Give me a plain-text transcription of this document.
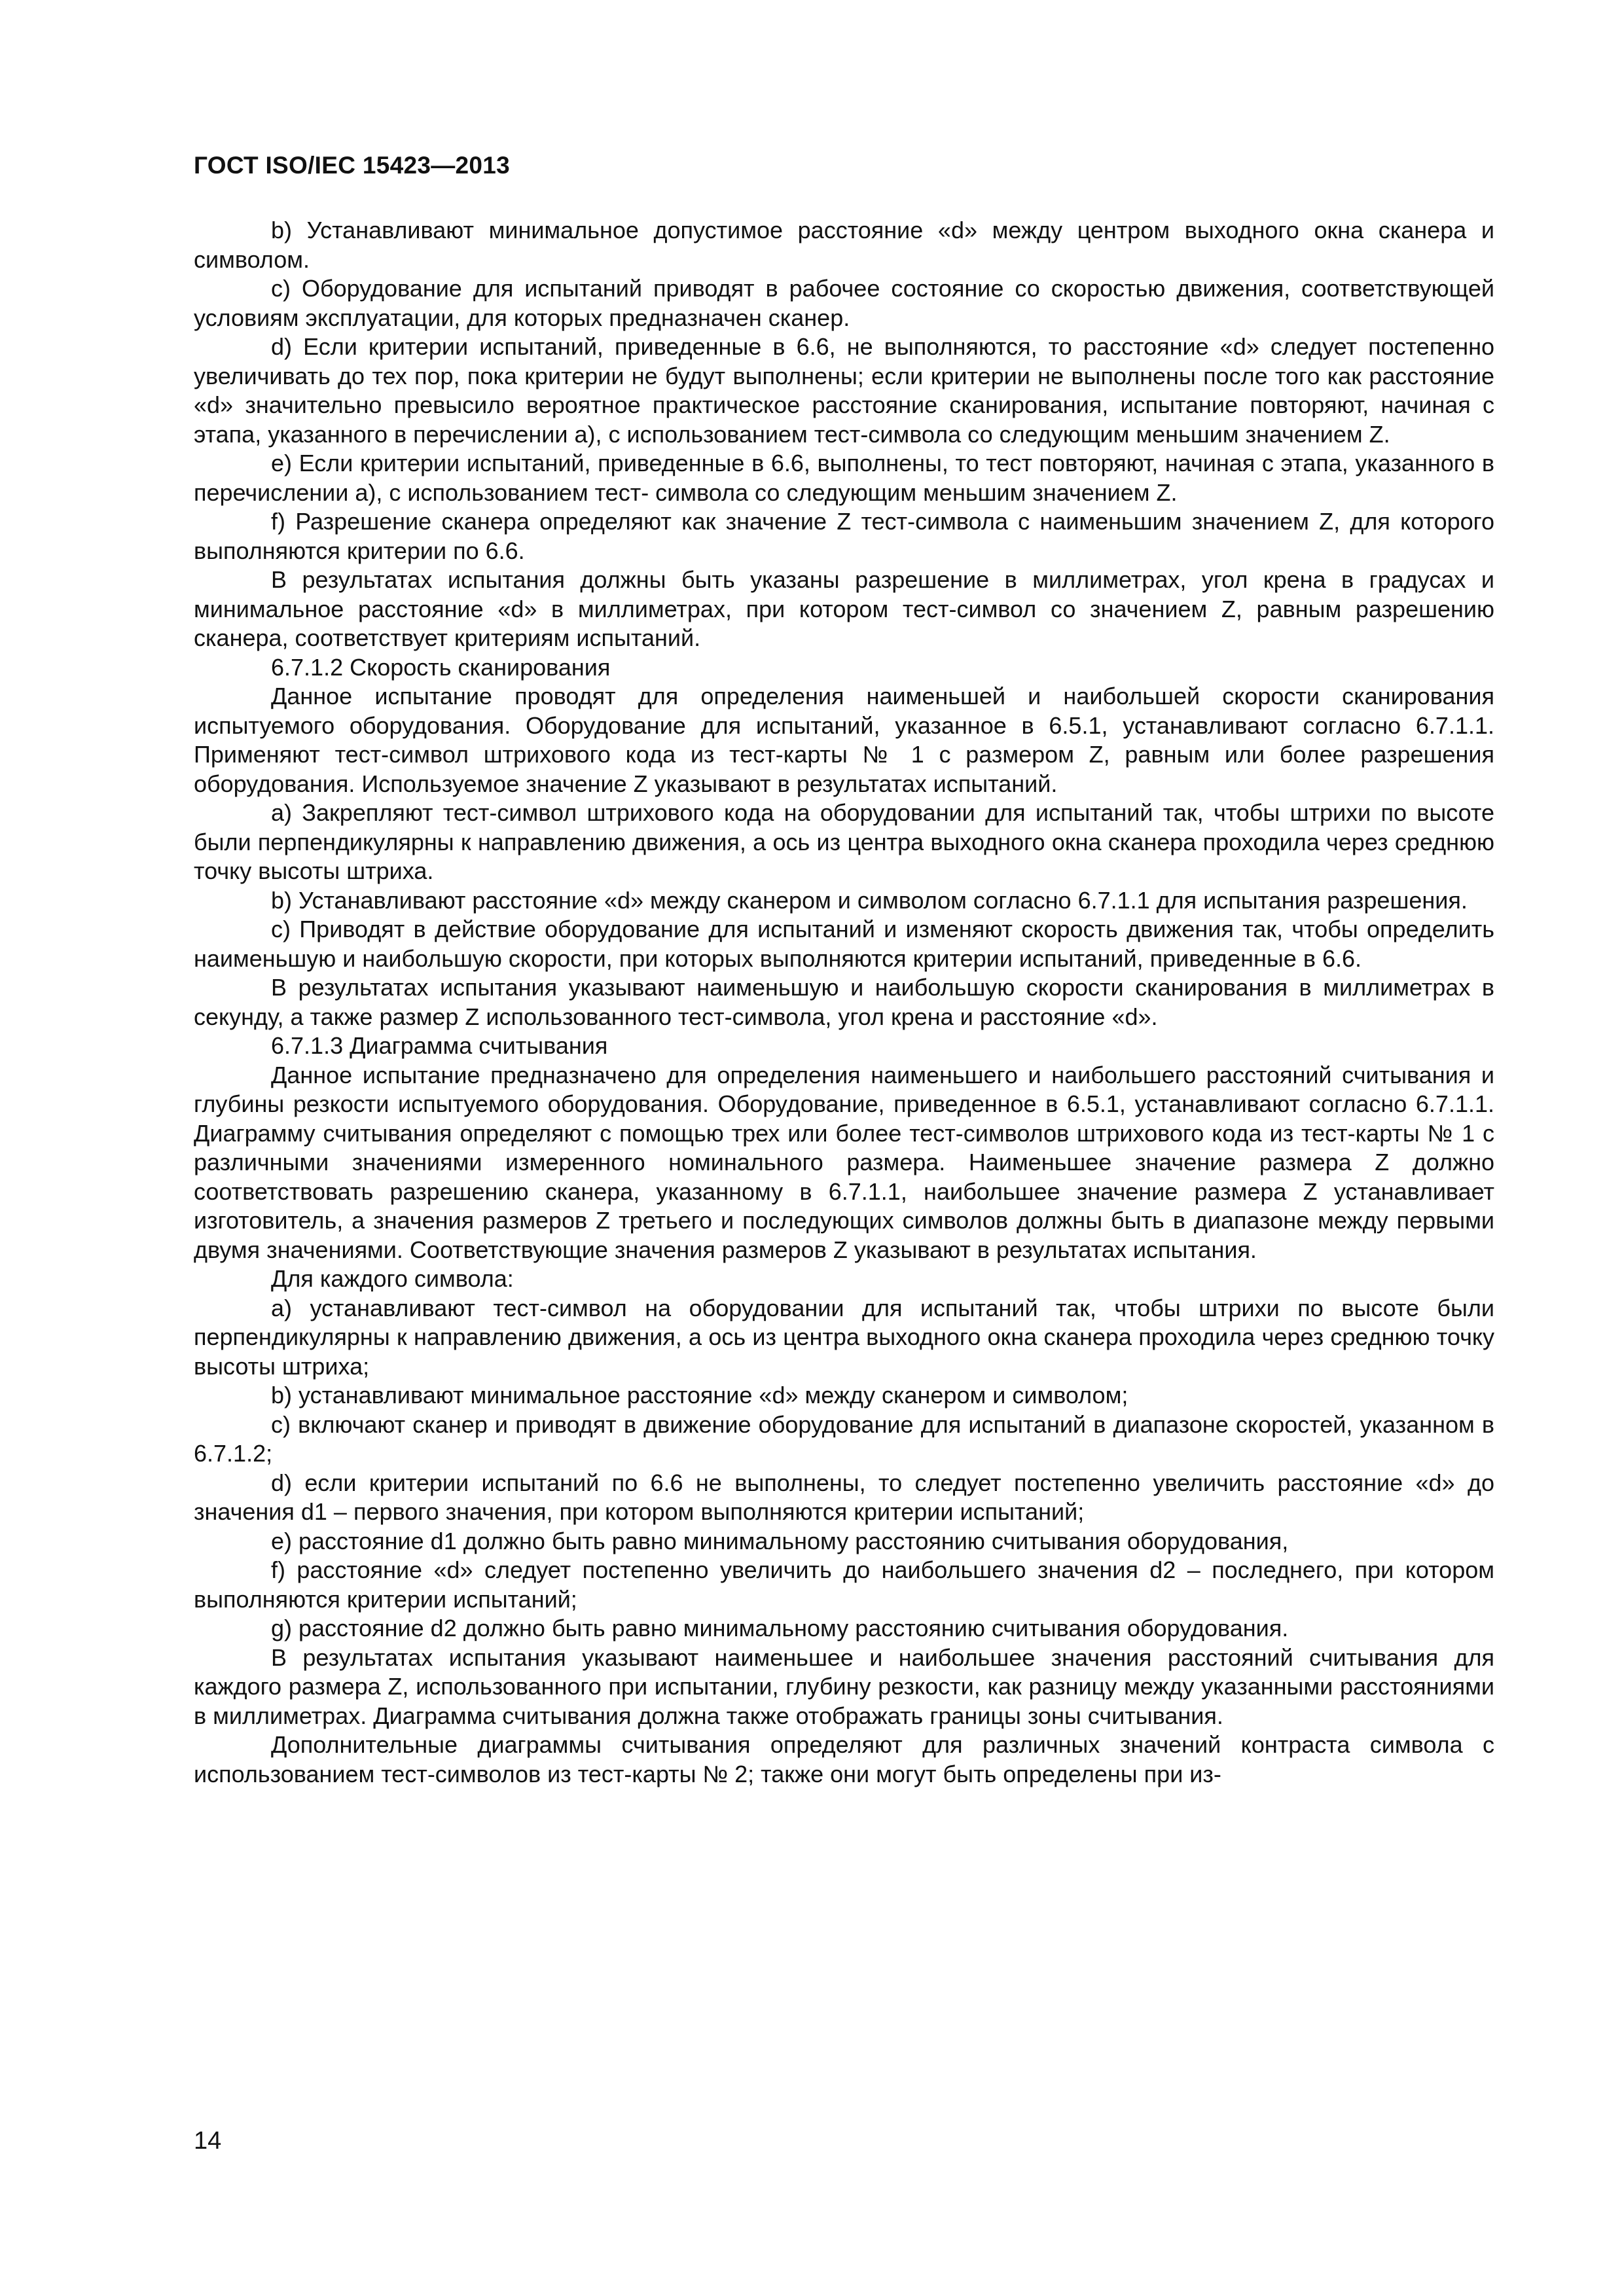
ГОСТ ISO/IEC 15423—2013

b) Устанавливают минимальное допустимое расстояние «d» между центром выходного окна сканера и символом.

c) Оборудование для испытаний приводят в рабочее состояние со скоростью движения, соответствующей условиям эксплуатации, для которых предназначен сканер.

d) Если критерии испытаний, приведенные в 6.6, не выполняются, то расстояние «d» следует постепенно увеличивать до тех пор, пока критерии не будут выполнены; если критерии не выполнены после того как расстояние «d» значительно превысило вероятное практическое расстояние сканирования, испытание повторяют, начиная с этапа, указанного в перечислении а), с использованием тест-символа со следующим меньшим значением Z.

e) Если критерии испытаний, приведенные в 6.6, выполнены, то тест повторяют, начиная с этапа, указанного в перечислении а), с использованием тест- символа со следующим меньшим значением Z.

f) Разрешение сканера определяют как значение Z тест-символа с наименьшим значением Z, для которого выполняются критерии по 6.6.

В результатах испытания должны быть указаны разрешение в миллиметрах, угол крена в градусах и минимальное расстояние «d» в миллиметрах, при котором тест-символ со значением Z, равным разрешению сканера, соответствует критериям испытаний.

6.7.1.2 Скорость сканирования

Данное испытание проводят для определения наименьшей и наибольшей скорости сканирования испытуемого оборудования. Оборудование для испытаний, указанное в 6.5.1, устанавливают согласно 6.7.1.1. Применяют тест-символ штрихового кода из тест-карты № 1 с размером Z, равным или более разрешения оборудования. Используемое значение Z указывают в результатах испытаний.

a) Закрепляют тест-символ штрихового кода на оборудовании для испытаний так, чтобы штрихи по высоте были перпендикулярны к направлению движения, а ось из центра выходного окна сканера проходила через среднюю точку высоты штриха.

b) Устанавливают расстояние «d» между сканером и символом согласно 6.7.1.1 для испытания разрешения.

c) Приводят в действие оборудование для испытаний и изменяют скорость движения так, чтобы определить наименьшую и наибольшую скорости, при которых выполняются критерии испытаний, приведенные в 6.6.

В результатах испытания указывают наименьшую и наибольшую скорости сканирования в миллиметрах в секунду, а также размер Z использованного тест-символа, угол крена и расстояние «d».

6.7.1.3 Диаграмма считывания

Данное испытание предназначено для определения наименьшего и наибольшего расстояний считывания и глубины резкости испытуемого оборудования. Оборудование, приведенное в 6.5.1, устанавливают согласно 6.7.1.1. Диаграмму считывания определяют с помощью трех или более тест-символов штрихового кода из тест-карты № 1 с различными значениями измеренного номинального размера. Наименьшее значение размера Z должно соответствовать разрешению сканера, указанному в 6.7.1.1, наибольшее значение размера Z устанавливает изготовитель, а значения размеров Z третьего и последующих символов должны быть в диапазоне между первыми двумя значениями. Соответствующие значения размеров Z указывают в результатах испытания.

Для каждого символа:

а) устанавливают тест-символ на оборудовании для испытаний так, чтобы штрихи по высоте были перпендикулярны к направлению движения, а ось из центра выходного окна сканера проходила через среднюю точку высоты штриха;

b) устанавливают минимальное расстояние «d» между сканером и символом;

c) включают сканер и приводят в движение оборудование для испытаний в диапазоне скоростей, указанном в 6.7.1.2;

d) если критерии испытаний по 6.6 не выполнены, то следует постепенно увеличить расстояние «d» до значения d1 – первого значения, при котором выполняются критерии испытаний;

e) расстояние d1 должно быть равно минимальному расстоянию считывания оборудования,

f) расстояние «d» следует постепенно увеличить до наибольшего значения d2 – последнего, при котором выполняются критерии испытаний;

g) расстояние d2 должно быть равно минимальному расстоянию считывания оборудования.

В результатах испытания указывают наименьшее и наибольшее значения расстояний считывания для каждого размера Z, использованного при испытании, глубину резкости, как разницу между указанными расстояниями в миллиметрах. Диаграмма считывания должна также отображать границы зоны считывания.

Дополнительные диаграммы считывания определяют для различных значений контраста символа с использованием тест-символов из тест-карты № 2; также они могут быть определены при из-

14
